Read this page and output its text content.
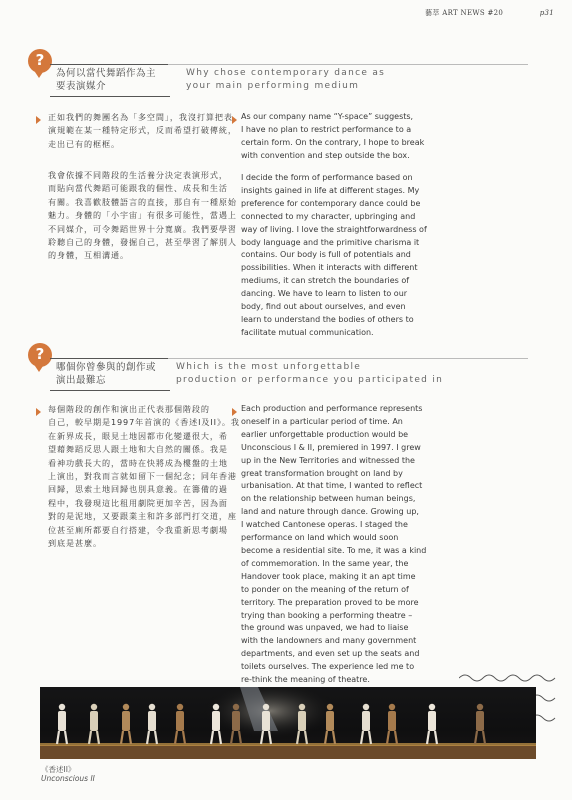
藝萃 ART NEWS #20	p31
?
為何以當代舞蹈作為主
要表演媒介
Why chose contemporary dance as
your main performing medium

正如我們的舞團名為「多空間」，我沒打算把表
演規範在某一種特定形式，反而希望打破傳統，
走出已有的框框。

我會依據不同階段的生活養分決定表演形式，
而貼向當代舞蹈可能跟我的個性、成長和生活
有關。我喜歡肢體語言的直接，那自有一種原始
魅力。身體的「小宇宙」有很多可能性，當遇上
不同媒介，可令舞蹈世界十分寬廣。我們要學習
聆聽自己的身體，發掘自己，甚至學習了解別人
的身體，互相溝通。

As our company name “Y-space” suggests,
I have no plan to restrict performance to a
certain form. On the contrary, I hope to break
with convention and step outside the box.

I decide the form of performance based on
insights gained in life at different stages. My
preference for contemporary dance could be
connected to my character, upbringing and
way of living. I love the straightforwardness of
body language and the primitive charisma it
contains. Our body is full of potentials and
possibilities. When it interacts with different
mediums, it can stretch the boundaries of
dancing. We have to learn to listen to our
body, find out about ourselves, and even
learn to understand the bodies of others to
facilitate mutual communication.

?
哪個你曾參與的創作或
演出最難忘
Which is the most unforgettable
production or performance you participated in

每個階段的創作和演出正代表那個階段的
自己，較早期是1997年首演的《香述I及II》。我
在新界成長，眼見土地因都市化變遷很大，希
望藉舞蹈反思人跟土地和大自然的關係。我是
看神功戲長大的，當時在快將成為樓盤的土地
上演出，對我而言就如留下一個紀念；同年香港
回歸，思索土地回歸也別具意義。在籌備的過
程中，我發現這比租用劇院更加辛苦，因為面
對的是泥地，又要跟業主和許多部門打交道，座
位甚至廁所都要自行搭建，令我重新思考劇場
到底是甚麼。

Each production and performance represents
oneself in a particular period of time. An
earlier unforgettable production would be
Unconscious I & II, premiered in 1997. I grew
up in the New Territories and witnessed the
great transformation brought on land by
urbanisation. At that time, I wanted to reflect
on the relationship between human beings,
land and nature through dance. Growing up,
I watched Cantonese operas. I staged the
performance on land which would soon
become a residential site. To me, it was a kind
of commemoration. In the same year, the
Handover took place, making it an apt time
to ponder on the meaning of the return of
territory. The preparation proved to be more
trying than booking a performing theatre –
the ground was unpaved, we had to liaise
with the landowners and many government
departments, and even set up the seats and
toilets ourselves. The experience led me to
re-think the meaning of theatre.

《香述II》
Unconscious II
